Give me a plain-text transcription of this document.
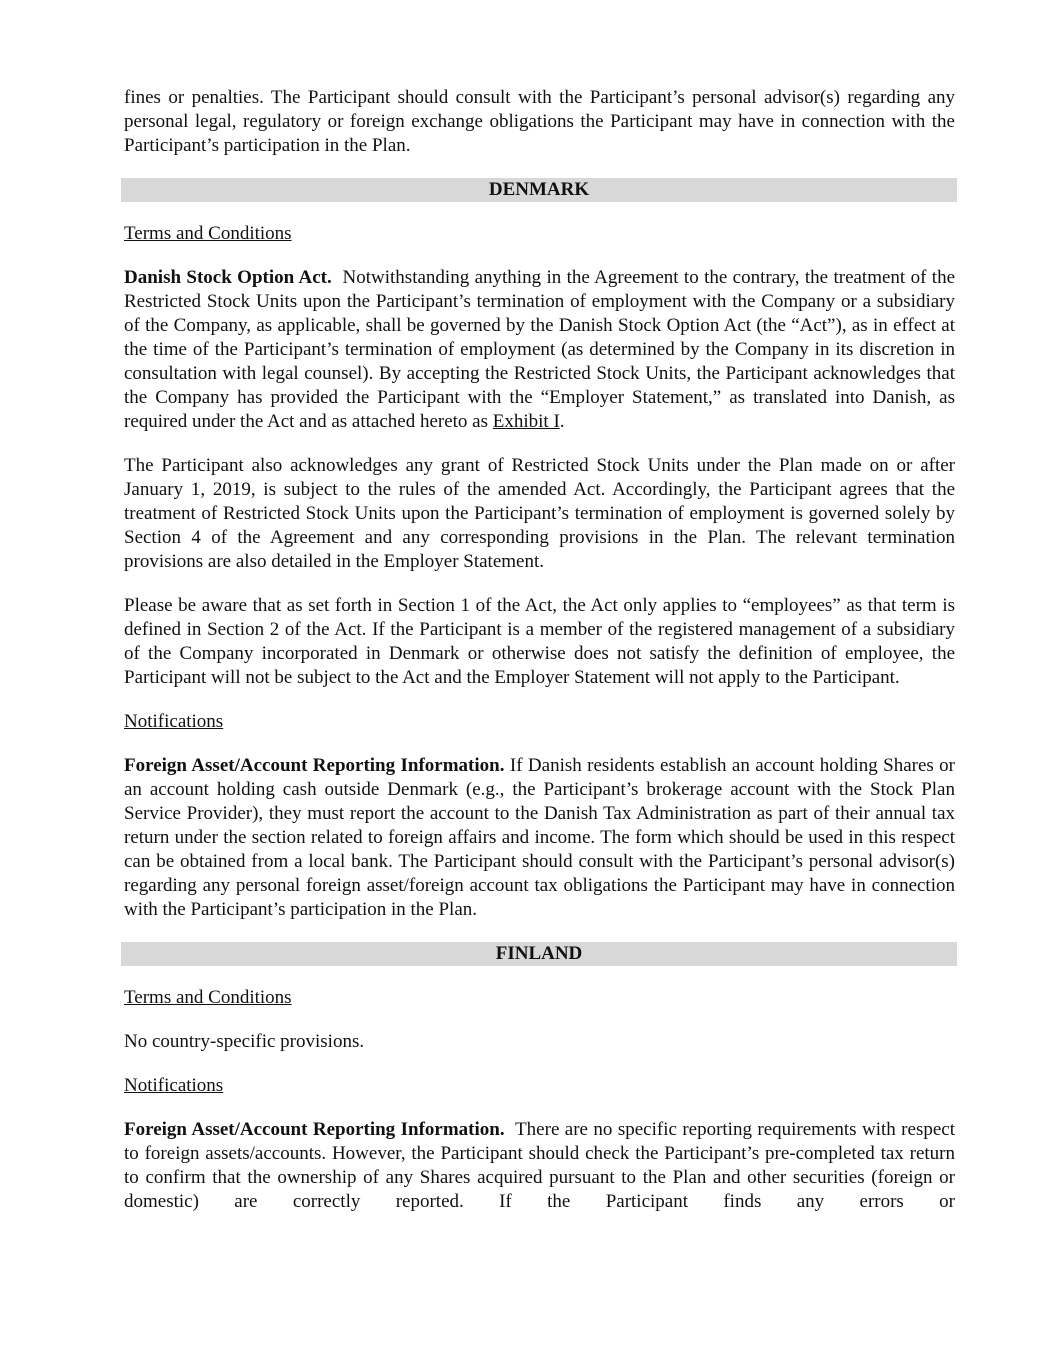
fines or penalties. The Participant should consult with the Participant’s personal advisor(s) regarding any personal legal, regulatory or foreign exchange obligations the Participant may have in connection with the Participant’s participation in the Plan.

DENMARK

Terms and Conditions

Danish Stock Option Act. Notwithstanding anything in the Agreement to the contrary, the treatment of the Restricted Stock Units upon the Participant’s termination of employment with the Company or a subsidiary of the Company, as applicable, shall be governed by the Danish Stock Option Act (the “Act”), as in effect at the time of the Participant’s termination of employment (as determined by the Company in its discretion in consultation with legal counsel). By accepting the Restricted Stock Units, the Participant acknowledges that the Company has provided the Participant with the “Employer Statement,” as translated into Danish, as required under the Act and as attached hereto as Exhibit I.

The Participant also acknowledges any grant of Restricted Stock Units under the Plan made on or after January 1, 2019, is subject to the rules of the amended Act. Accordingly, the Participant agrees that the treatment of Restricted Stock Units upon the Participant’s termination of employment is governed solely by Section 4 of the Agreement and any corresponding provisions in the Plan. The relevant termination provisions are also detailed in the Employer Statement.

Please be aware that as set forth in Section 1 of the Act, the Act only applies to “employees” as that term is defined in Section 2 of the Act. If the Participant is a member of the registered management of a subsidiary of the Company incorporated in Denmark or otherwise does not satisfy the definition of employee, the Participant will not be subject to the Act and the Employer Statement will not apply to the Participant.

Notifications

Foreign Asset/Account Reporting Information. If Danish residents establish an account holding Shares or an account holding cash outside Denmark (e.g., the Participant’s brokerage account with the Stock Plan Service Provider), they must report the account to the Danish Tax Administration as part of their annual tax return under the section related to foreign affairs and income. The form which should be used in this respect can be obtained from a local bank. The Participant should consult with the Participant’s personal advisor(s) regarding any personal foreign asset/foreign account tax obligations the Participant may have in connection with the Participant’s participation in the Plan.

FINLAND

Terms and Conditions

No country-specific provisions.

Notifications

Foreign Asset/Account Reporting Information. There are no specific reporting requirements with respect to foreign assets/accounts. However, the Participant should check the Participant’s pre-completed tax return to confirm that the ownership of any Shares acquired pursuant to the Plan and other securities (foreign or domestic) are correctly reported. If the Participant finds any errors or
